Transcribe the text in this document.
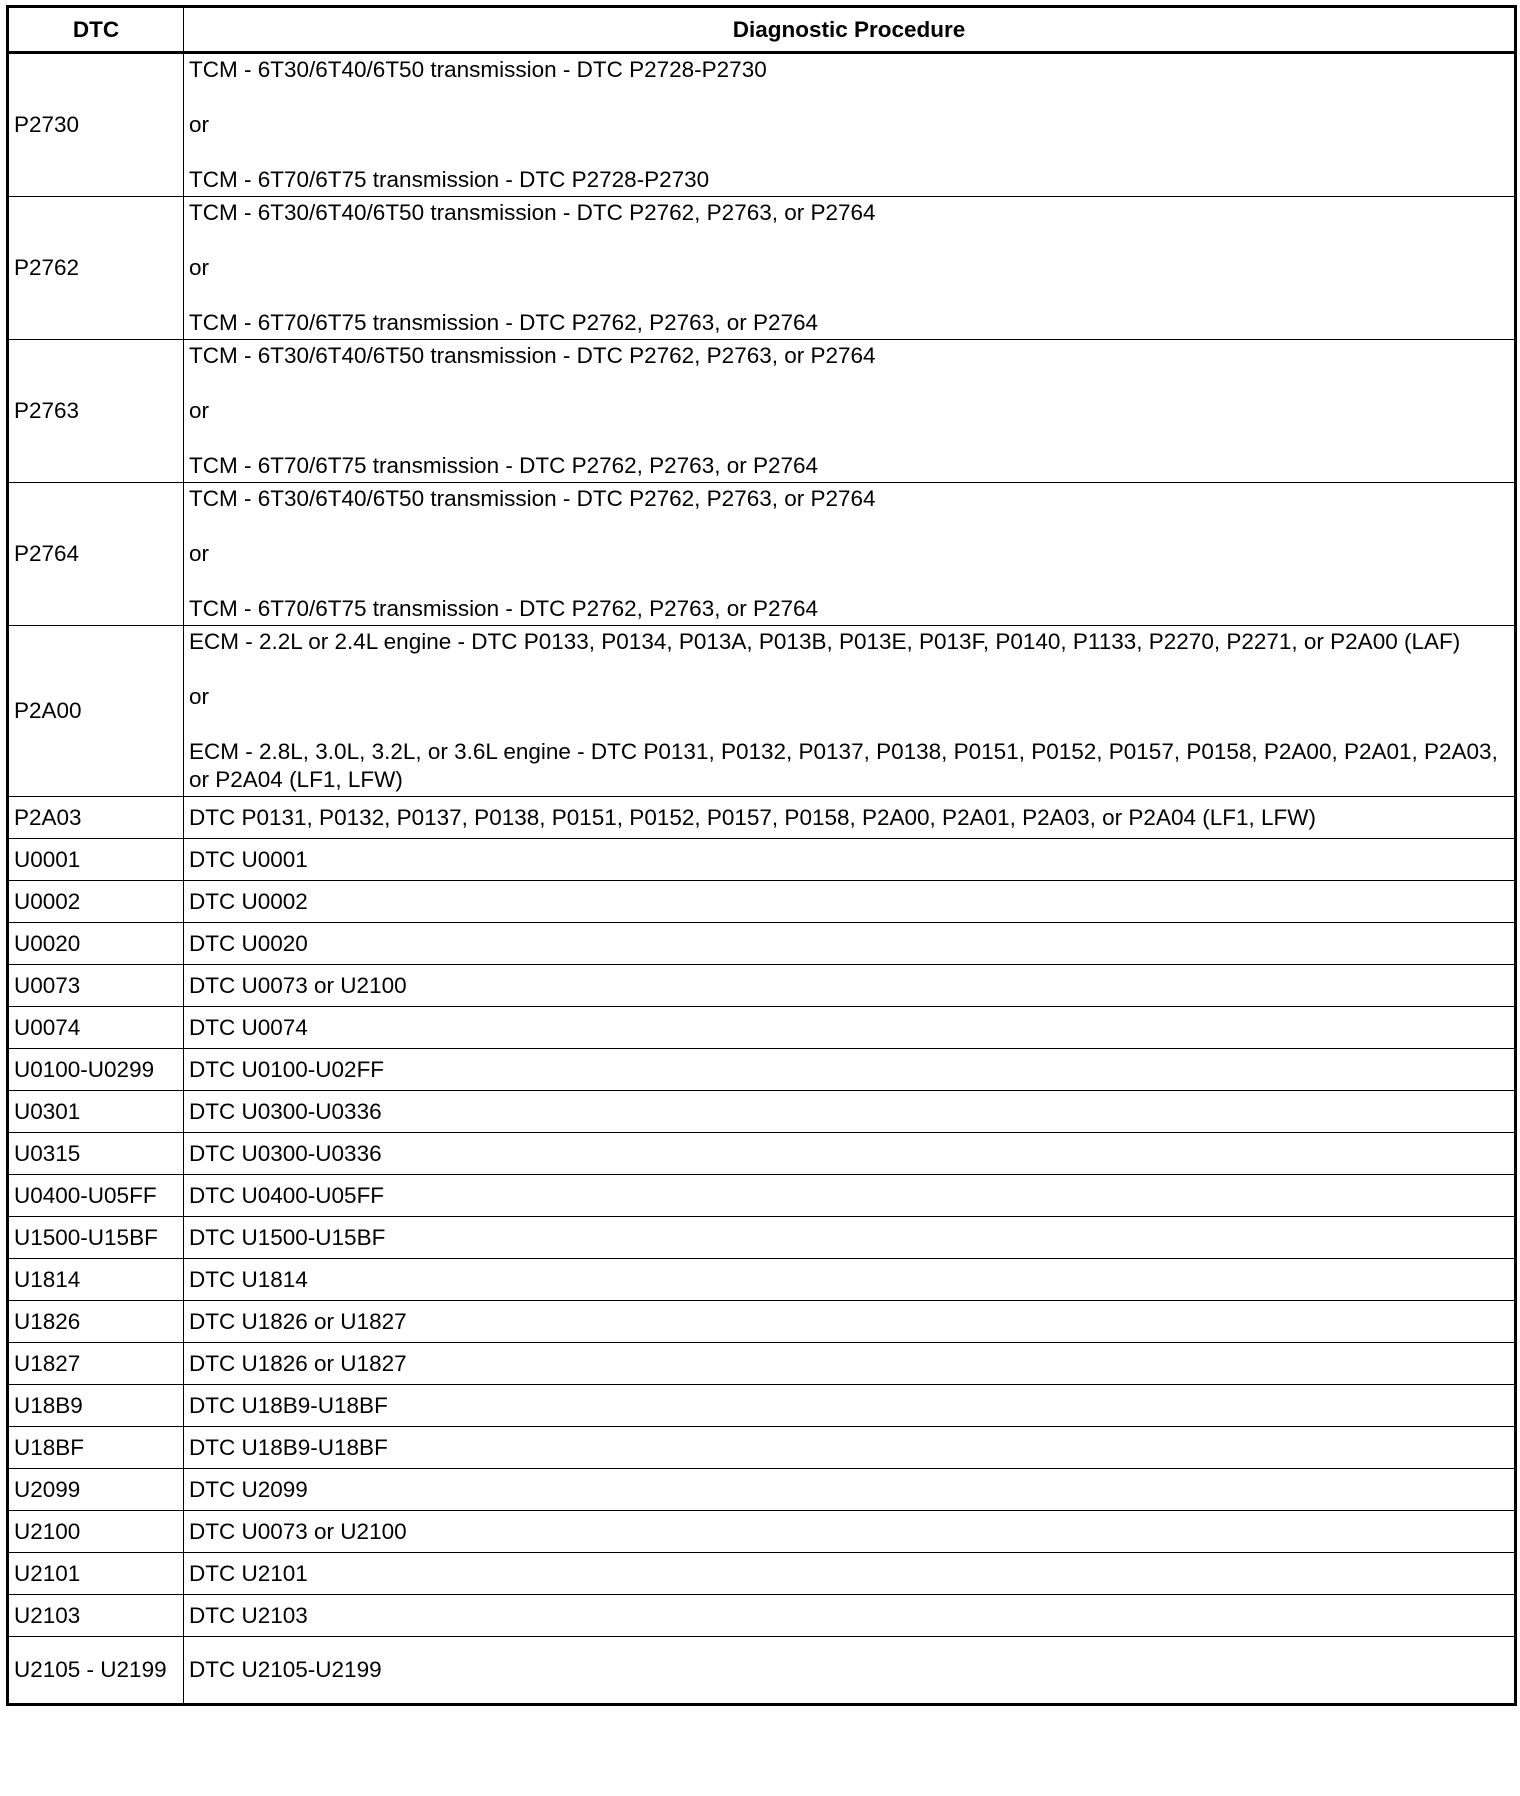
DTC	Diagnostic Procedure
P2730	TCM - 6T30/6T40/6T50 transmission - DTC P2728-P2730
or
TCM - 6T70/6T75 transmission - DTC P2728-P2730

P2762	TCM - 6T30/6T40/6T50 transmission - DTC P2762, P2763, or P2764
or
TCM - 6T70/6T75 transmission - DTC P2762, P2763, or P2764

P2763	TCM - 6T30/6T40/6T50 transmission - DTC P2762, P2763, or P2764
or
TCM - 6T70/6T75 transmission - DTC P2762, P2763, or P2764

P2764	TCM - 6T30/6T40/6T50 transmission - DTC P2762, P2763, or P2764
or
TCM - 6T70/6T75 transmission - DTC P2762, P2763, or P2764

P2A00	ECM - 2.2L or 2.4L engine - DTC P0133, P0134, P013A, P013B, P013E, P013F, P0140, P1133, P2270, P2271, or P2A00 (LAF)
or
ECM - 2.8L, 3.0L, 3.2L, or 3.6L engine - DTC P0131, P0132, P0137, P0138, P0151, P0152, P0157, P0158, P2A00, P2A01, P2A03, or P2A04 (LF1, LFW)

P2A03	DTC P0131, P0132, P0137, P0138, P0151, P0152, P0157, P0158, P2A00, P2A01, P2A03, or P2A04 (LF1, LFW)

U0001	DTC U0001

U0002	DTC U0002

U0020	DTC U0020

U0073	DTC U0073 or U2100

U0074	DTC U0074

U0100-U0299	DTC U0100-U02FF

U0301	DTC U0300-U0336

U0315	DTC U0300-U0336

U0400-U05FF	DTC U0400-U05FF

U1500-U15BF	DTC U1500-U15BF

U1814	DTC U1814

U1826	DTC U1826 or U1827

U1827	DTC U1826 or U1827

U18B9	DTC U18B9-U18BF

U18BF	DTC U18B9-U18BF

U2099	DTC U2099

U2100	DTC U0073 or U2100

U2101	DTC U2101

U2103	DTC U2103

U2105 - U2199	DTC U2105-U2199
